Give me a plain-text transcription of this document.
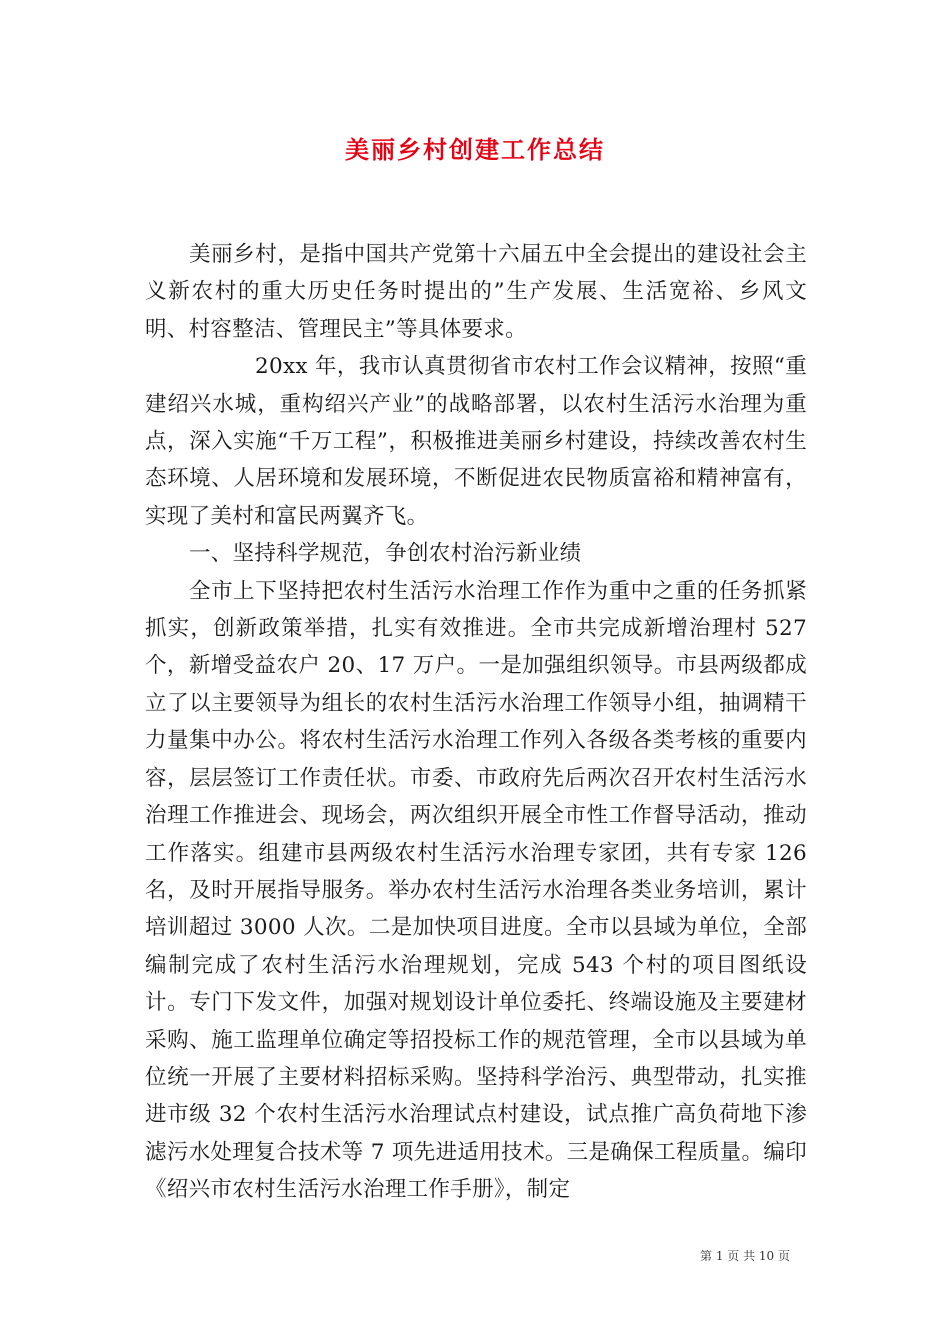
美丽乡村创建工作总结

美丽乡村，是指中国共产党第十六届五中全会提出的建设社会主义新农村的重大历史任务时提出的”生产发展、生活宽裕、乡风文明、村容整洁、管理民主”等具体要求。

20xx 年，我市认真贯彻省市农村工作会议精神，按照“重建绍兴水城，重构绍兴产业”的战略部署，以农村生活污水治理为重点，深入实施“千万工程”，积极推进美丽乡村建设，持续改善农村生态环境、人居环境和发展环境，不断促进农民物质富裕和精神富有，实现了美村和富民两翼齐飞。

一、坚持科学规范，争创农村治污新业绩

全市上下坚持把农村生活污水治理工作作为重中之重的任务抓紧抓实，创新政策举措，扎实有效推进。全市共完成新增治理村 527 个，新增受益农户 20、17 万户。一是加强组织领导。市县两级都成立了以主要领导为组长的农村生活污水治理工作领导小组，抽调精干力量集中办公。将农村生活污水治理工作列入各级各类考核的重要内容，层层签订工作责任状。市委、市政府先后两次召开农村生活污水治理工作推进会、现场会，两次组织开展全市性工作督导活动，推动工作落实。组建市县两级农村生活污水治理专家团，共有专家 126 名，及时开展指导服务。举办农村生活污水治理各类业务培训，累计培训超过 3000 人次。二是加快项目进度。全市以县域为单位，全部编制完成了农村生活污水治理规划，完成 543 个村的项目图纸设计。专门下发文件，加强对规划设计单位委托、终端设施及主要建材采购、施工监理单位确定等招投标工作的规范管理，全市以县域为单位统一开展了主要材料招标采购。坚持科学治污、典型带动，扎实推进市级 32 个农村生活污水治理试点村建设，试点推广高负荷地下渗滤污水处理复合技术等 7 项先进适用技术。三是确保工程质量。编印《绍兴市农村生活污水治理工作手册》，制定

第 1 页 共 10 页
